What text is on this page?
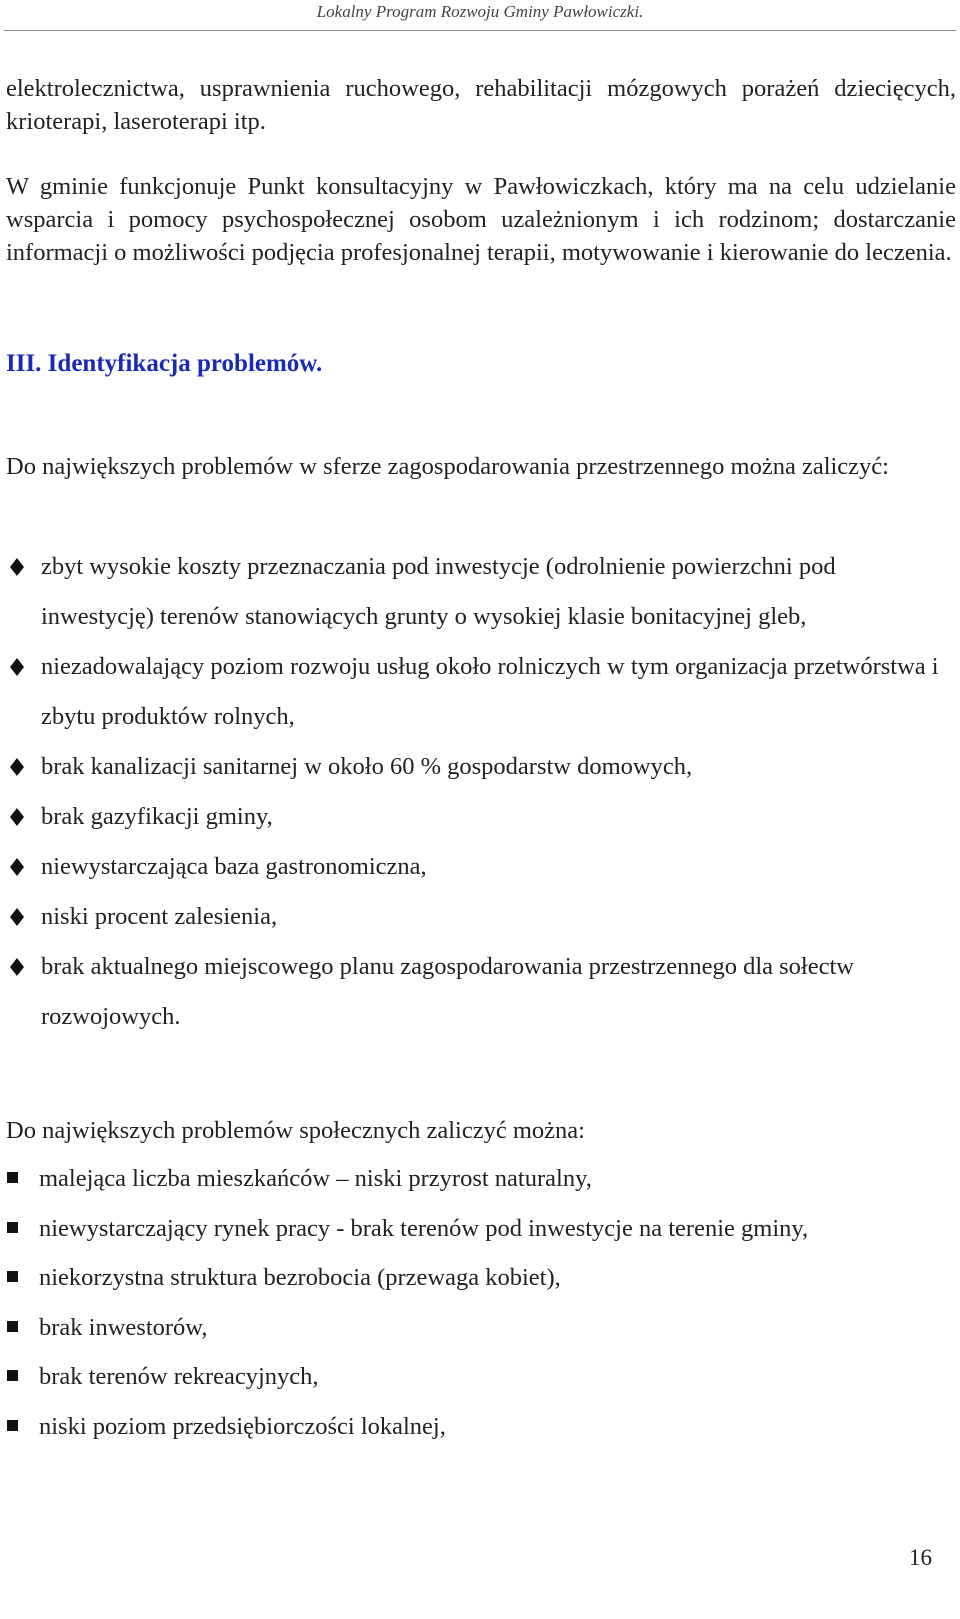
Lokalny Program Rozwoju Gminy Pawłowiczki.

elektrolecznictwa, usprawnienia ruchowego, rehabilitacji mózgowych porażeń dziecięcych, krioterapi, laseroterapi itp.

W gminie funkcjonuje Punkt konsultacyjny w Pawłowiczkach, który ma na celu udzielanie wsparcia i pomocy psychospołecznej osobom uzależnionym i ich rodzinom; dostarczanie informacji o możliwości podjęcia profesjonalnej terapii, motywowanie i kierowanie do leczenia.

III. Identyfikacja problemów.

Do największych problemów w sferze zagospodarowania przestrzennego można zaliczyć:

zbyt wysokie koszty przeznaczania pod inwestycje (odrolnienie powierzchni pod inwestycję) terenów stanowiących grunty o wysokiej klasie bonitacyjnej gleb,
niezadowalający poziom rozwoju usług około rolniczych w tym organizacja przetwórstwa i zbytu produktów rolnych,
brak kanalizacji sanitarnej w około 60 % gospodarstw domowych,
brak gazyfikacji gminy,
niewystarczająca baza gastronomiczna,
niski procent zalesienia,
brak aktualnego miejscowego planu zagospodarowania przestrzennego dla sołectw rozwojowych.

Do największych problemów społecznych zaliczyć można:

malejąca liczba mieszkańców – niski przyrost naturalny,
niewystarczający rynek pracy - brak terenów pod inwestycje na terenie gminy,
niekorzystna struktura bezrobocia (przewaga kobiet),
brak inwestorów,
brak terenów rekreacyjnych,
niski poziom przedsiębiorczości lokalnej,
16
